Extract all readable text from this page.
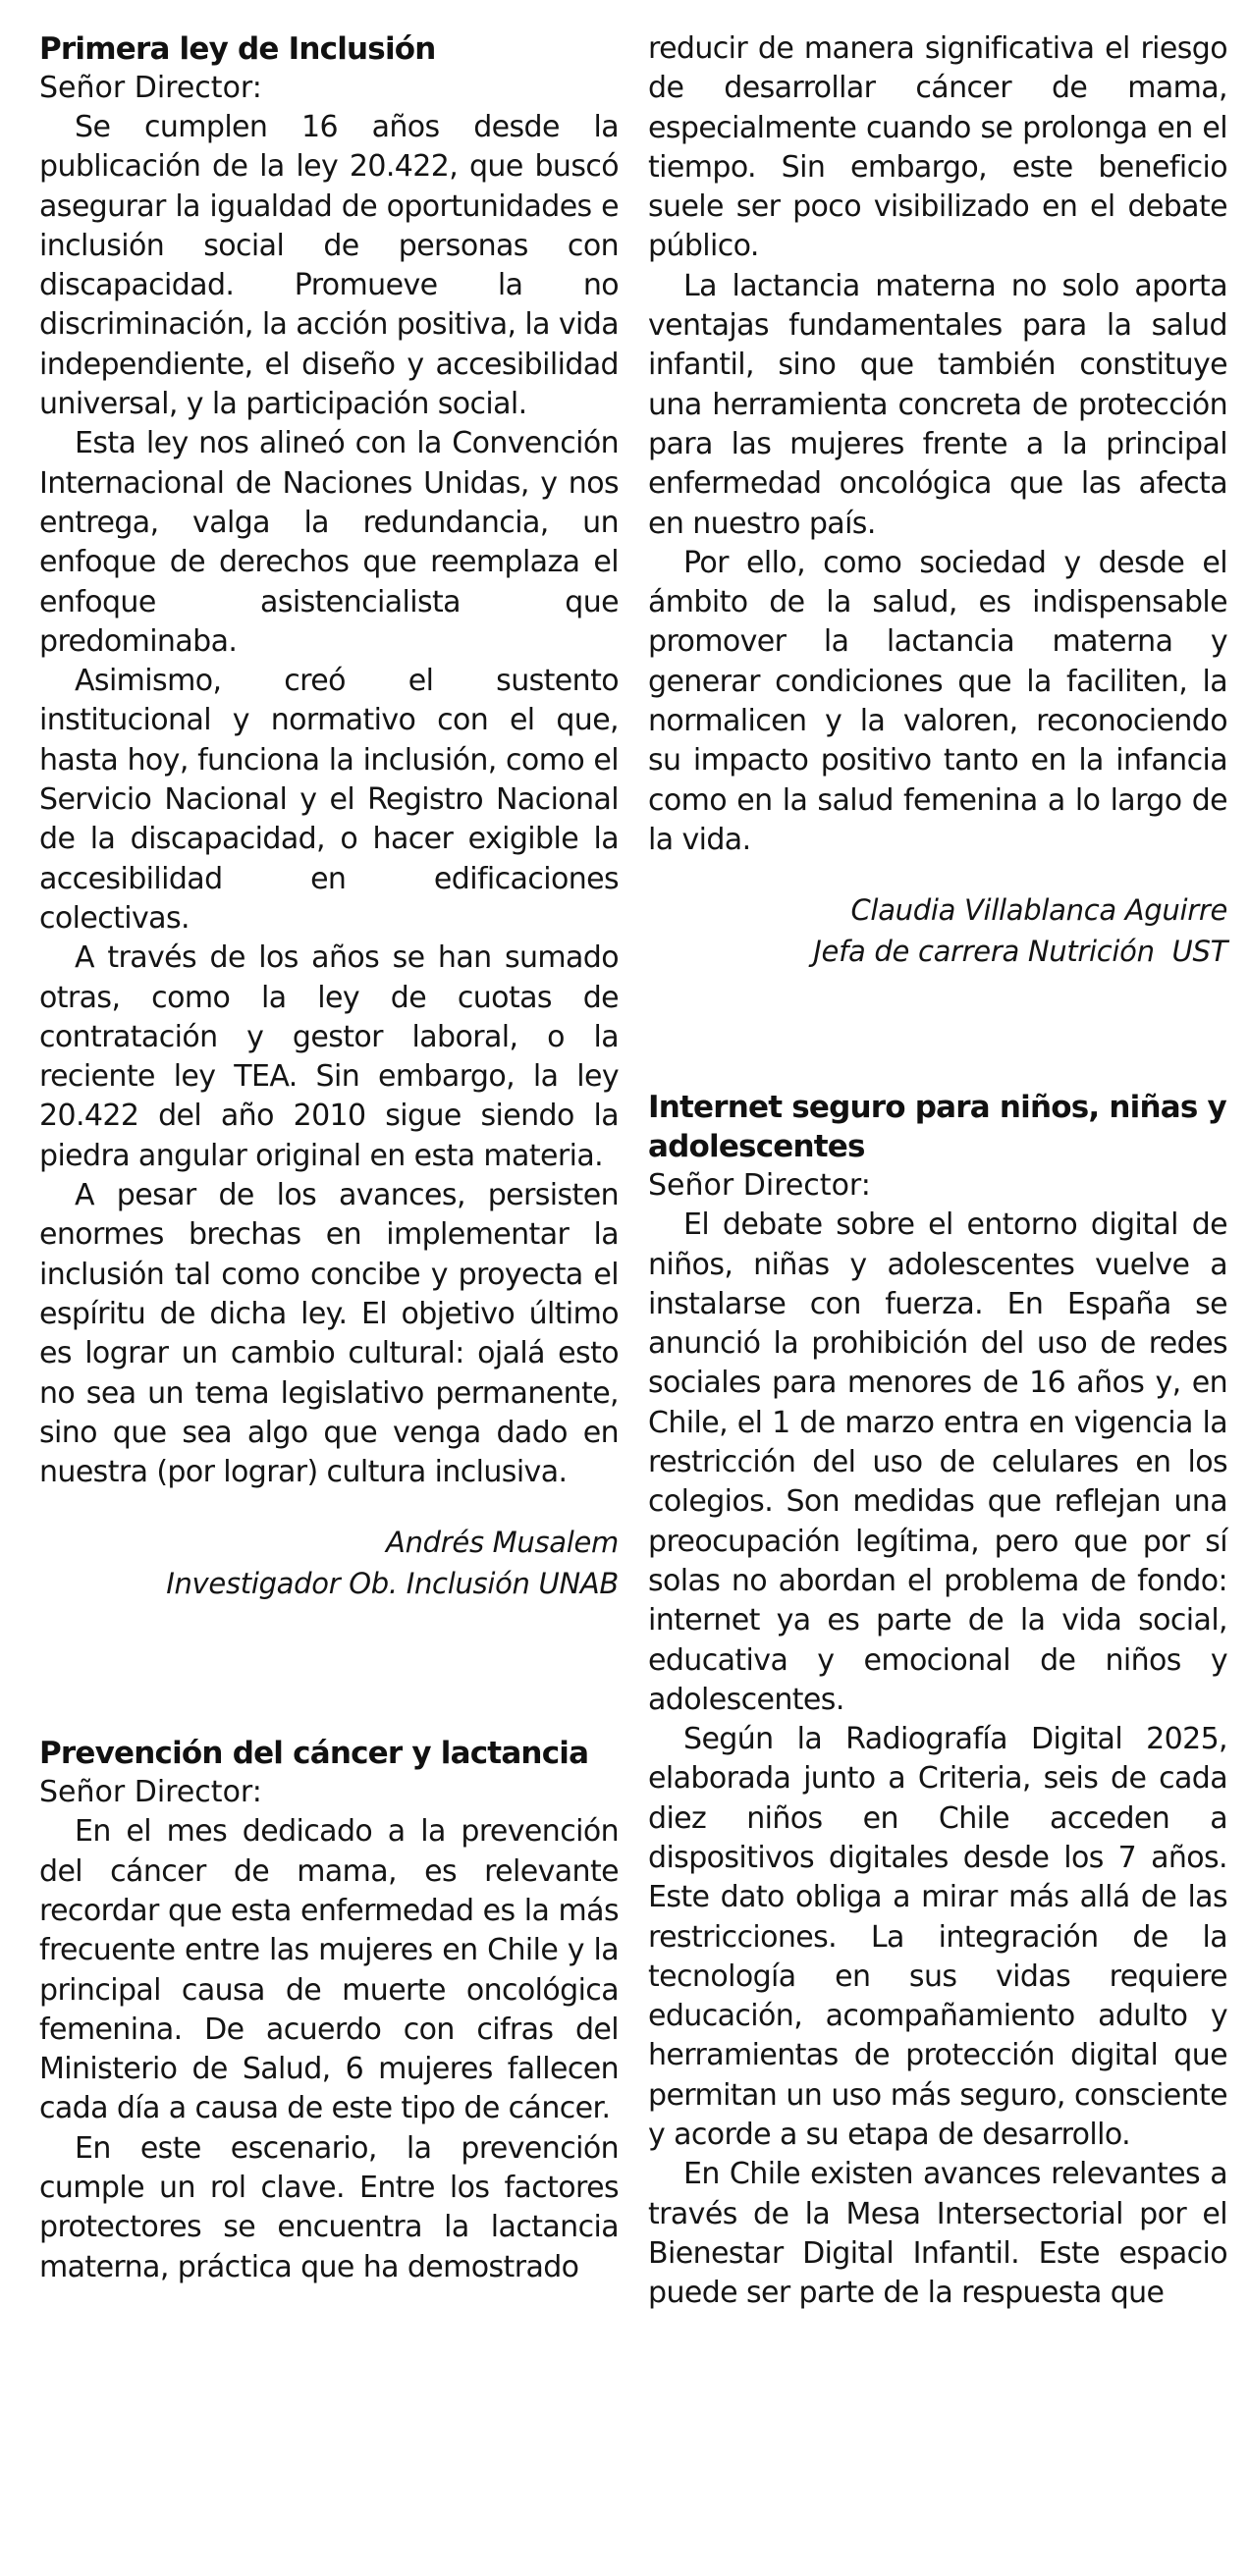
Primera ley de Inclusión

Señor Director:

Se cumplen 16 años desde la publicación de la ley 20.422, que buscó asegurar la igualdad de oportunidades e inclusión social de personas con discapacidad. Promueve la no discriminación, la acción positiva, la vida independiente, el diseño y accesibilidad universal, y la participación social.

Esta ley nos alineó con la Convención Internacional de Naciones Unidas, y nos entrega, valga la redundancia, un enfoque de derechos que reemplaza el enfoque asistencialista que predominaba.

Asimismo, creó el sustento institucional y normativo con el que, hasta hoy, funciona la inclusión, como el Servicio Nacional y el Registro Nacional de la discapacidad, o hacer exigible la accesibilidad en edificaciones colectivas.

A través de los años se han sumado otras, como la ley de cuotas de contratación y gestor laboral, o la reciente ley TEA. Sin embargo, la ley 20.422 del año 2010 sigue siendo la piedra angular original en esta materia.

A pesar de los avances, persisten enormes brechas en implementar la inclusión tal como concibe y proyecta el espíritu de dicha ley. El objetivo último es lograr un cambio cultural: ojalá esto no sea un tema legislativo permanente, sino que sea algo que venga dado en nuestra (por lograr) cultura inclusiva.

Andrés Musalem

Investigador Ob. Inclusión UNAB

Prevención del cáncer y lactancia

Señor Director:

En el mes dedicado a la prevención del cáncer de mama, es relevante recordar que esta enfermedad es la más frecuente entre las mujeres en Chile y la principal causa de muerte oncológica femenina. De acuerdo con cifras del Ministerio de Salud, 6 mujeres fallecen cada día a causa de este tipo de cáncer.

En este escenario, la prevención cumple un rol clave. Entre los factores protectores se encuentra la lactancia materna, práctica que ha demostrado

reducir de manera significativa el riesgo de desarrollar cáncer de mama, especialmente cuando se prolonga en el tiempo. Sin embargo, este beneficio suele ser poco visibilizado en el debate público.

La lactancia materna no solo aporta ventajas fundamentales para la salud infantil, sino que también constituye una herramienta concreta de protección para las mujeres frente a la principal enfermedad oncológica que las afecta en nuestro país.

Por ello, como sociedad y desde el ámbito de la salud, es indispensable promover la lactancia materna y generar condiciones que la faciliten, la normalicen y la valoren, reconociendo su impacto positivo tanto en la infancia como en la salud femenina a lo largo de la vida.

Claudia Villablanca Aguirre

Jefa de carrera Nutrición  UST

Internet seguro para niños, niñas y adolescentes

Señor Director:

El debate sobre el entorno digital de niños, niñas y adolescentes vuelve a instalarse con fuerza. En España se anunció la prohibición del uso de redes sociales para menores de 16 años y, en Chile, el 1 de marzo entra en vigencia la restricción del uso de celulares en los colegios. Son medidas que reflejan una preocupación legítima, pero que por sí solas no abordan el problema de fondo: internet ya es parte de la vida social, educativa y emocional de niños y adolescentes.

Según la Radiografía Digital 2025, elaborada junto a Criteria, seis de cada diez niños en Chile acceden a dispositivos digitales desde los 7 años. Este dato obliga a mirar más allá de las restricciones. La integración de la tecnología en sus vidas requiere educación, acompañamiento adulto y herramientas de protección digital que permitan un uso más seguro, consciente y acorde a su etapa de desarrollo.

En Chile existen avances relevantes a través de la Mesa Intersectorial por el Bienestar Digital Infantil. Este espacio puede ser parte de la respuesta que
